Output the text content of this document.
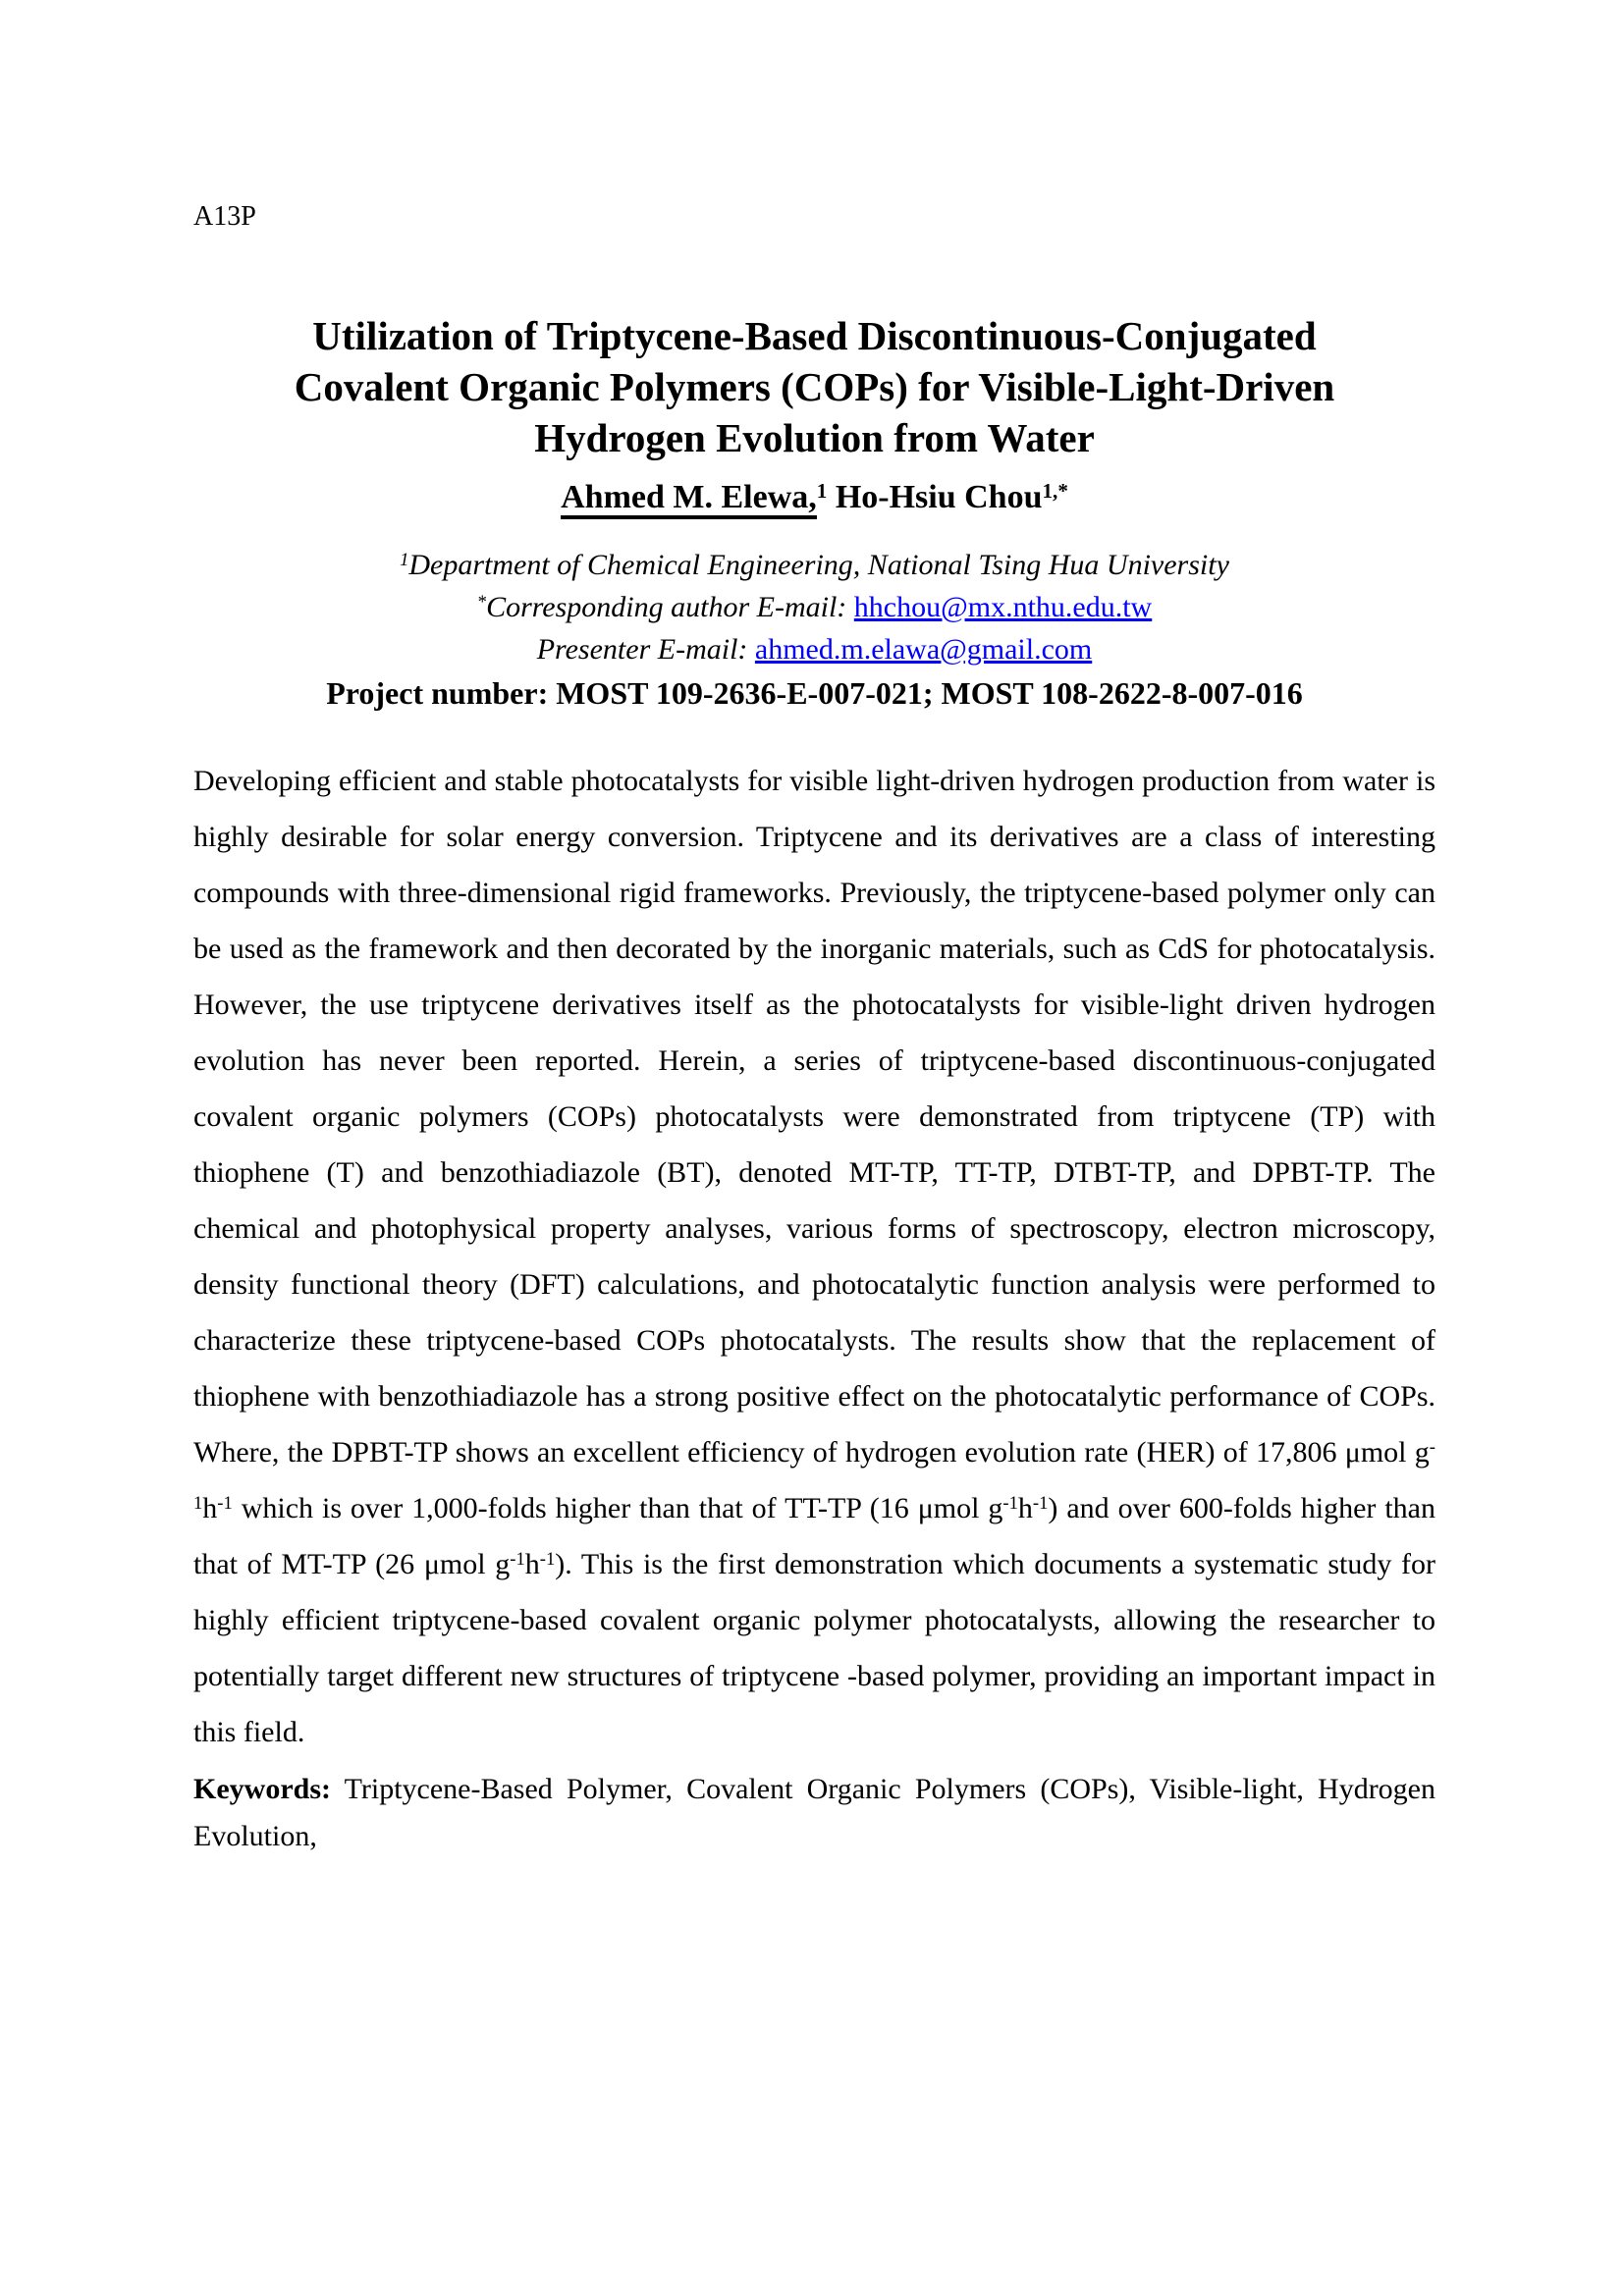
A13P
Utilization of Triptycene-Based Discontinuous-Conjugated
Covalent Organic Polymers (COPs) for Visible-Light-Driven
Hydrogen Evolution from Water
Ahmed M. Elewa,$^1$ Ho-Hsiu Chou$^{1,*}$
$^1$Department of Chemical Engineering, National Tsing Hua University
*Corresponding author E-mail: hhchou@mx.nthu.edu.tw
Presenter E-mail: ahmed.m.elawa@gmail.com
Project number: MOST 109-2636-E-007-021; MOST 108-2622-8-007-016

Developing efficient and stable photocatalysts for visible light-driven hydrogen production from water is highly desirable for solar energy conversion. Triptycene and its derivatives are a class of interesting compounds with three-dimensional rigid frameworks. Previously, the triptycene-based polymer only can be used as the framework and then decorated by the inorganic materials, such as CdS for photocatalysis. However, the use triptycene derivatives itself as the photocatalysts for visible-light driven hydrogen evolution has never been reported. Herein, a series of triptycene-based discontinuous-conjugated covalent organic polymers (COPs) photocatalysts were demonstrated from triptycene (TP) with thiophene (T) and benzothiadiazole (BT), denoted MT-TP, TT-TP, DTBT-TP, and DPBT-TP. The chemical and photophysical property analyses, various forms of spectroscopy, electron microscopy, density functional theory (DFT) calculations, and photocatalytic function analysis were performed to characterize these triptycene-based COPs photocatalysts. The results show that the replacement of thiophene with benzothiadiazole has a strong positive effect on the photocatalytic performance of COPs. Where, the DPBT-TP shows an excellent efficiency of hydrogen evolution rate (HER) of 17,806 μmol $g^{-1}h^{-1}$ which is over 1,000-folds higher than that of TT-TP (16 μmol $g^{-1}h^{-1}$) and over 600-folds higher than that of MT-TP (26 μmol $g^{-1}h^{-1}$). This is the first demonstration which documents a systematic study for highly efficient triptycene-based covalent organic polymer photocatalysts, allowing the researcher to potentially target different new structures of triptycene -based polymer, providing an important impact in this field.

Keywords: Triptycene-Based Polymer, Covalent Organic Polymers (COPs), Visible-light, Hydrogen Evolution,
